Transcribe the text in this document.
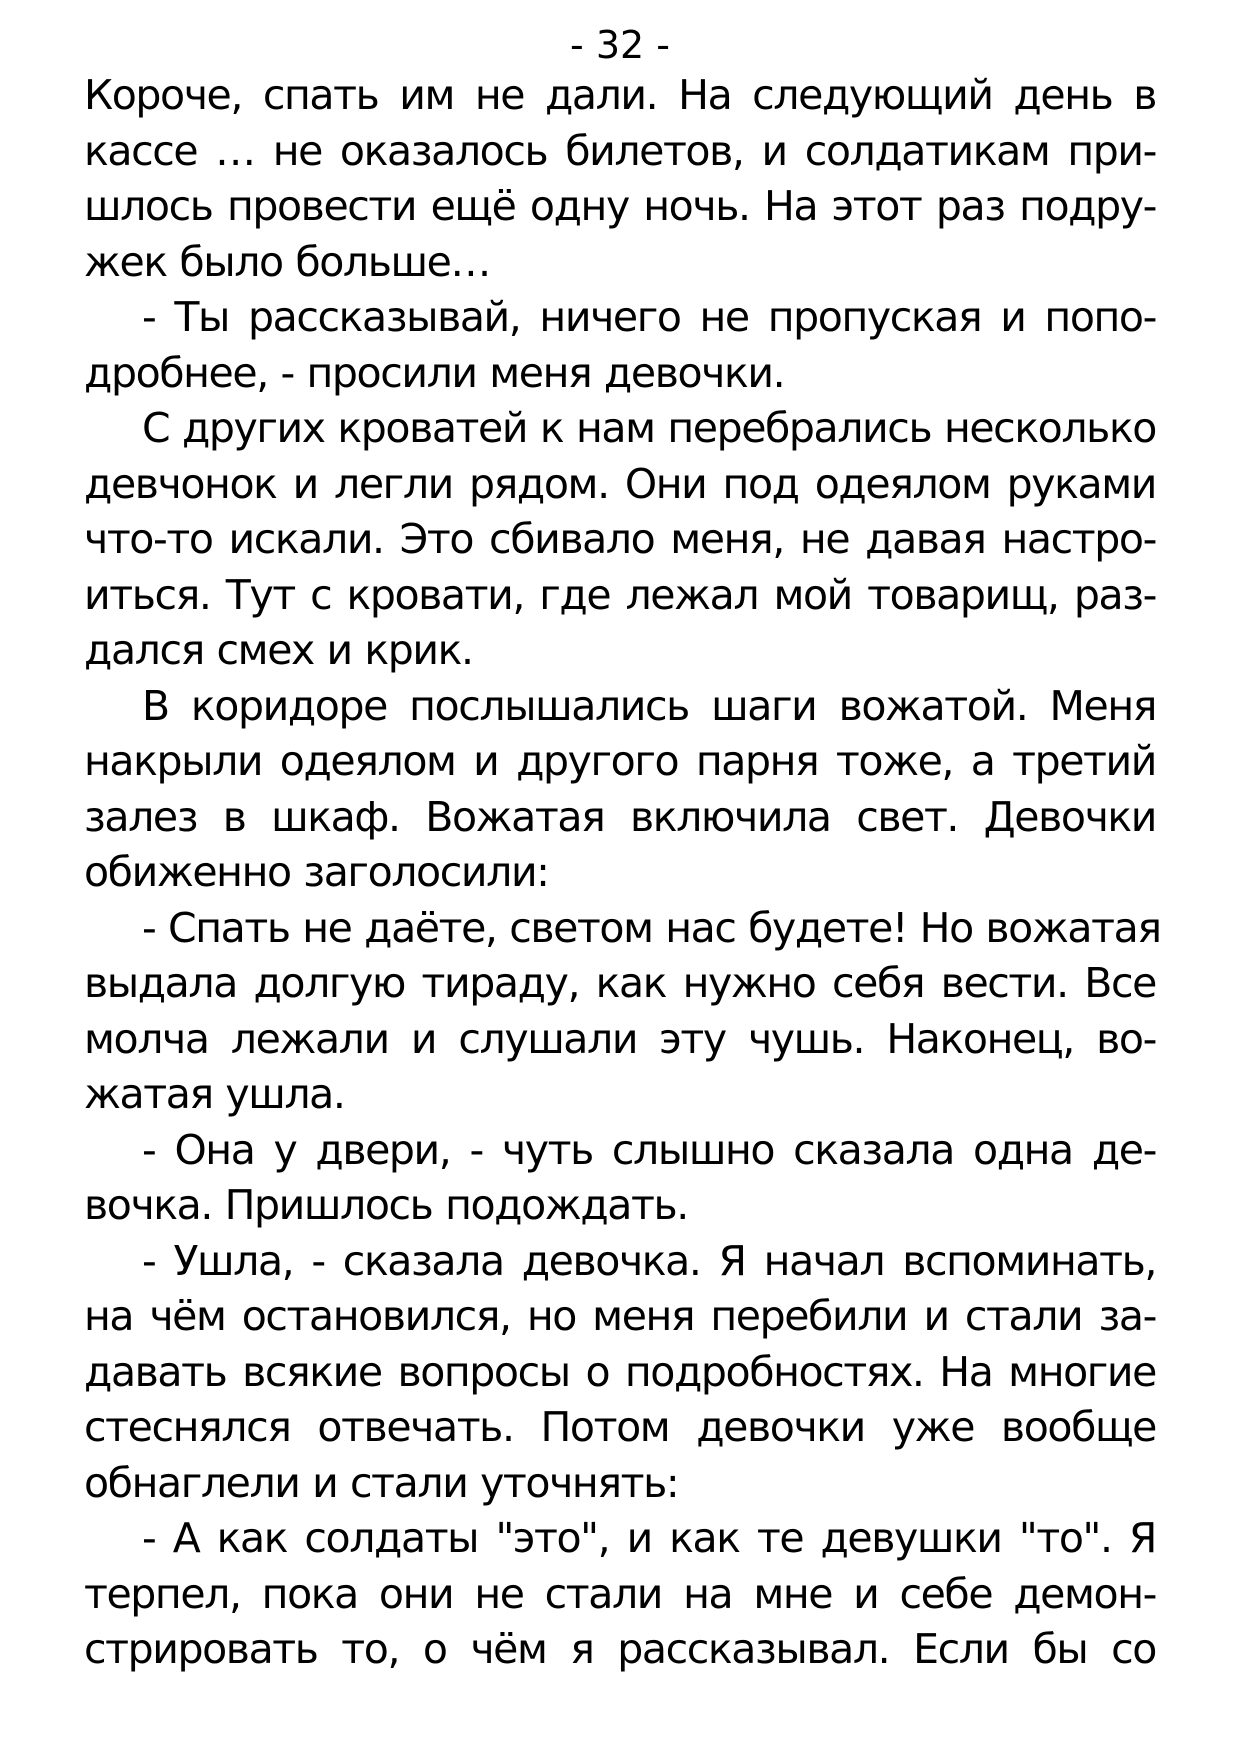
- 32 -
Короче, спать им не дали. На следующий день в
кассе … не оказалось билетов, и солдатикам при-
шлось провести ещё одну ночь. На этот раз подру-
жек было больше…
- Ты рассказывай, ничего не пропуская и попо-
дробнее, - просили меня девочки.
С других кроватей к нам перебрались несколько
девчонок и легли рядом. Они под одеялом руками
что-то искали. Это сбивало меня, не давая настро-
иться. Тут с кровати, где лежал мой товарищ, раз-
дался смех и крик.
В коридоре послышались шаги вожатой. Меня
накрыли одеялом и другого парня тоже, а третий
залез в шкаф. Вожатая включила свет. Девочки
обиженно заголосили:
- Спать не даёте, светом нас будете! Но вожатая
выдала долгую тираду, как нужно себя вести. Все
молча лежали и слушали эту чушь. Наконец, во-
жатая ушла.
- Она у двери, - чуть слышно сказала одна де-
вочка. Пришлось подождать.
- Ушла, - сказала девочка. Я начал вспоминать,
на чём остановился, но меня перебили и стали за-
давать всякие вопросы о подробностях. На многие
стеснялся отвечать. Потом девочки уже вообще
обнаглели и стали уточнять:
- А как солдаты "это", и как те девушки "то". Я
терпел, пока они не стали на мне и себе демон-
стрировать то, о чём я рассказывал. Если бы со
